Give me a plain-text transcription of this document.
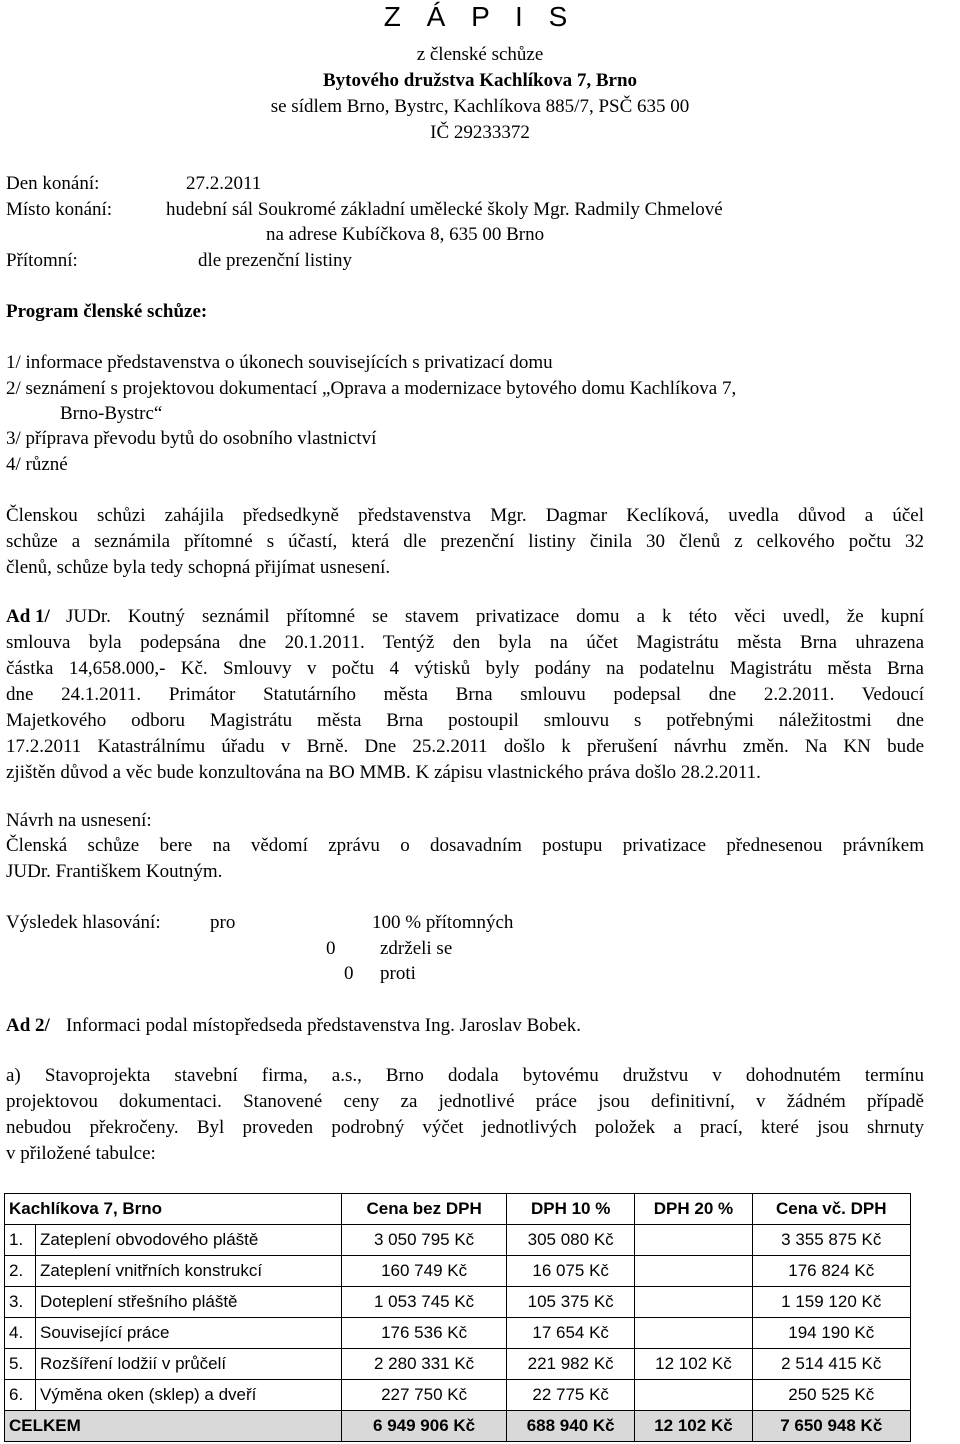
Z Á P I S
z členské schůze
Bytového družstva Kachlíkova 7, Brno
se sídlem Brno, Bystrc, Kachlíkova 885/7, PSČ 635 00
IČ 29233372
Den konání:	27.2.2011
Místo konání:	hudební sál Soukromé základní umělecké školy Mgr. Radmily Chmelové
na adrese Kubíčkova 8, 635 00 Brno
Přítomní:	dle prezenční listiny
Program členské schůze:
1/ informace představenstva o úkonech souvisejících s privatizací domu
2/ seznámení s projektovou dokumentací „Oprava a modernizace bytového domu Kachlíkova 7,
Brno-Bystrc“
3/ příprava převodu bytů do osobního vlastnictví
4/ různé
Členskou schůzi zahájila předsedkyně představenstva Mgr. Dagmar Keclíková, uvedla důvod a účel
schůze a seznámila přítomné s účastí, která dle prezenční listiny činila 30 členů z celkového počtu 32
členů, schůze byla tedy schopná přijímat usnesení.
Ad 1/ JUDr. Koutný seznámil přítomné se stavem privatizace domu a k této věci uvedl, že kupní
smlouva byla podepsána dne 20.1.2011. Tentýž den byla na účet Magistrátu města Brna uhrazena
částka 14,658.000,- Kč. Smlouvy v počtu 4 výtisků byly podány na podatelnu Magistrátu města Brna
dne 24.1.2011. Primátor Statutárního města Brna smlouvu podepsal dne 2.2.2011. Vedoucí
Majetkového odboru Magistrátu města Brna postoupil smlouvu s potřebnými náležitostmi dne
17.2.2011 Katastrálnímu úřadu v Brně. Dne 25.2.2011 došlo k přerušení návrhu změn. Na KN bude
zjištěn důvod a věc bude konzultována na BO MMB. K zápisu vlastnického práva došlo 28.2.2011.
Návrh na usnesení:
Členská schůze bere na vědomí zprávu o dosavadním postupu privatizace přednesenou právníkem
JUDr. Františkem Koutným.
Výsledek hlasování:	pro	100 % přítomných
0 zdrželi se
0 proti
Ad 2/ Informaci podal místopředseda představenstva Ing. Jaroslav Bobek.
a) Stavoprojekta stavební firma, a.s., Brno dodala bytovému družstvu v dohodnutém termínu
projektovou dokumentaci. Stanovené ceny za jednotlivé práce jsou definitivní, v žádném případě
nebudou překročeny. Byl proveden podrobný výčet jednotlivých položek a prací, které jsou shrnuty
v přiložené tabulce:
Kachlíkova 7, Brno		Cena bez DPH	DPH 10 %	DPH 20 %	Cena vč. DPH
1.	Zateplení obvodového pláště	3 050 795 Kč	305 080 Kč		3 355 875 Kč
2.	Zateplení vnitřních konstrukcí	160 749 Kč	16 075 Kč		176 824 Kč
3.	Doteplení střešního pláště	1 053 745 Kč	105 375 Kč		1 159 120 Kč
4.	Související práce	176 536 Kč	17 654 Kč		194 190 Kč
5.	Rozšíření lodžií v průčelí	2 280 331 Kč	221 982 Kč	12 102 Kč	2 514 415 Kč
6.	Výměna oken (sklep) a dveří	227 750 Kč	22 775 Kč		250 525 Kč
CELKEM		6 949 906 Kč	688 940 Kč	12 102 Kč	7 650 948 Kč
